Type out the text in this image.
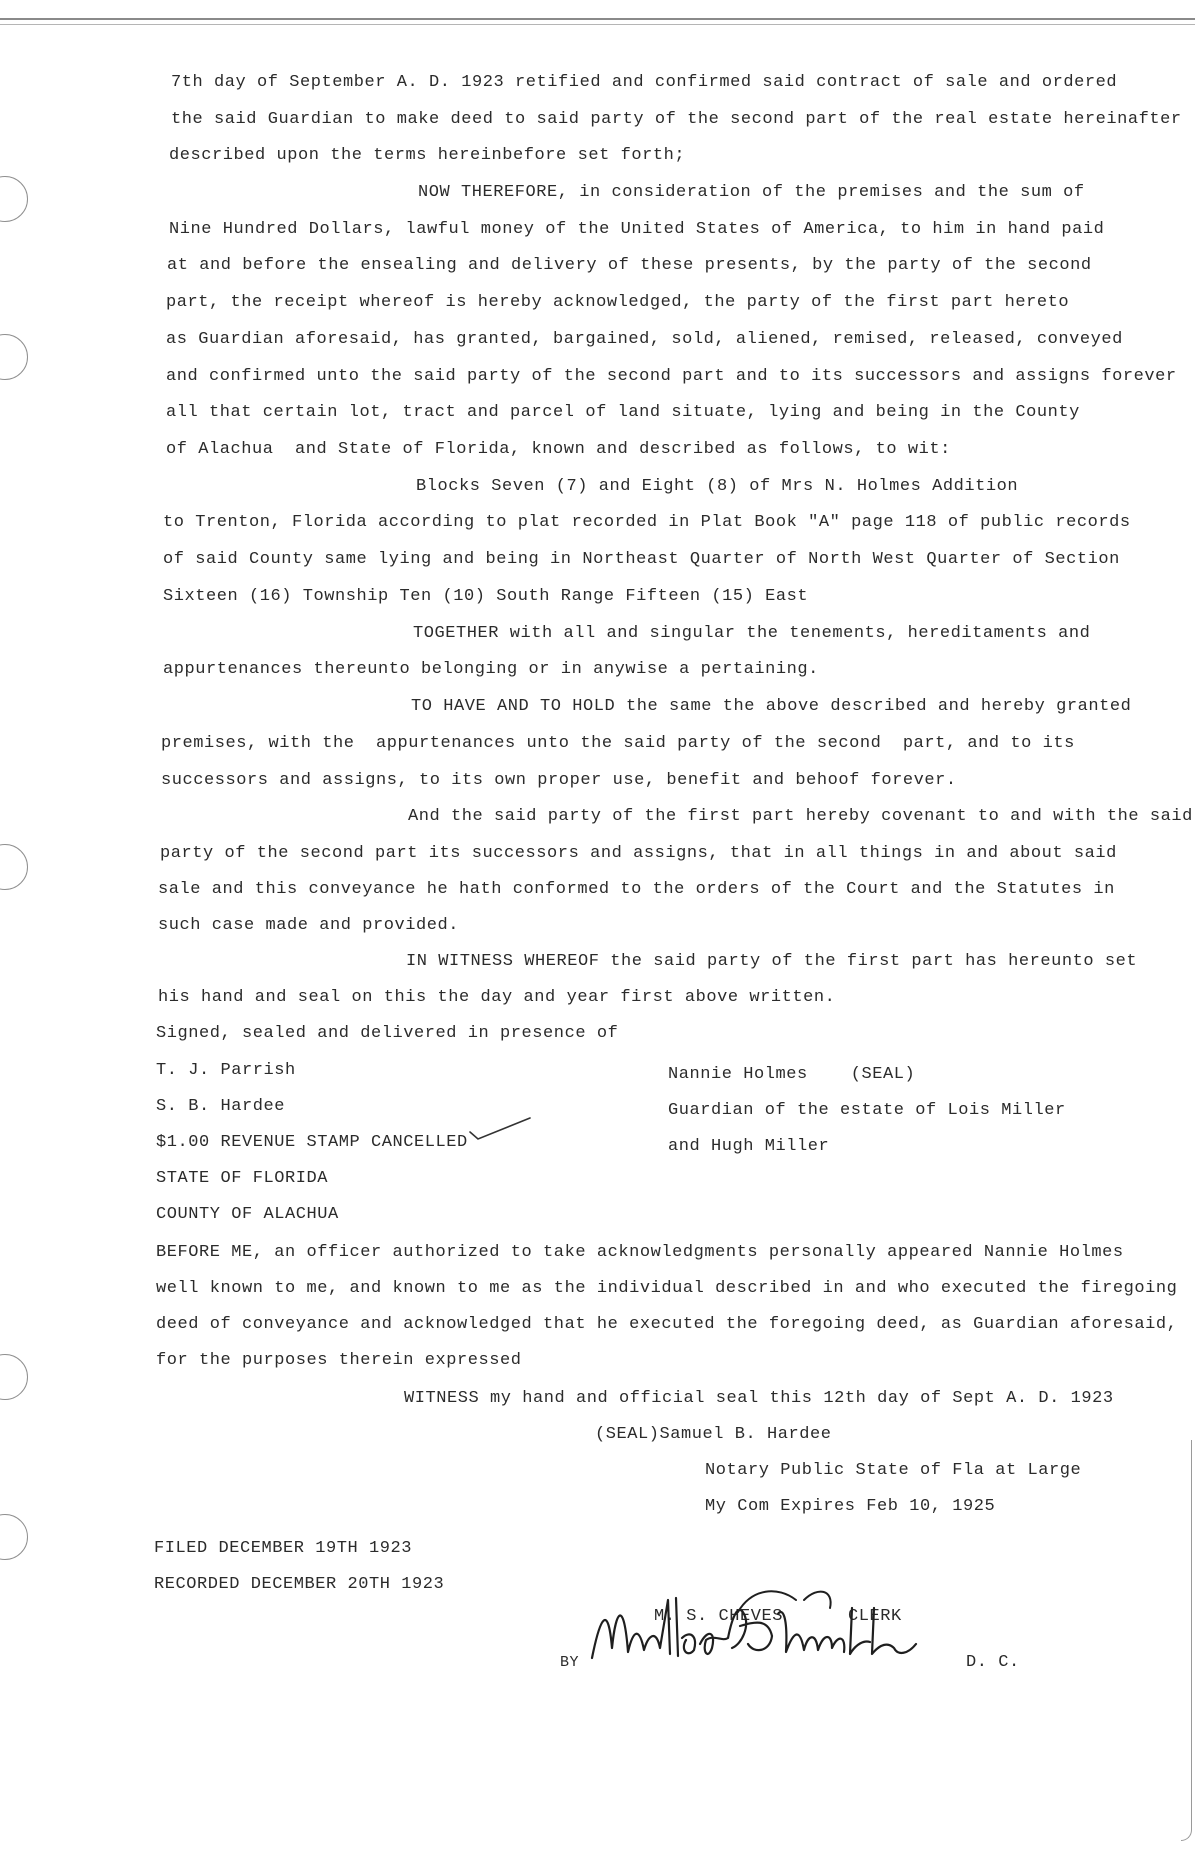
7th day of September A. D. 1923 retified and confirmed said contract of sale and ordered
the said Guardian to make deed to said party of the second part of the real estate hereinafter
described upon the terms hereinbefore set forth;
NOW THEREFORE, in consideration of the premises and the sum of
Nine Hundred Dollars, lawful money of the United States of America, to him in hand paid
at and before the ensealing and delivery of these presents, by the party of the second
part, the receipt whereof is hereby acknowledged, the party of the first part hereto
as Guardian aforesaid, has granted, bargained, sold, aliened, remised, released, conveyed
and confirmed unto the said party of the second part and to its successors and assigns forever
all that certain lot, tract and parcel of land situate, lying and being in the County
of Alachua  and State of Florida, known and described as follows, to wit:
Blocks Seven (7) and Eight (8) of Mrs N. Holmes Addition
to Trenton, Florida according to plat recorded in Plat Book "A" page 118 of public records
of said County same lying and being in Northeast Quarter of North West Quarter of Section
Sixteen (16) Township Ten (10) South Range Fifteen (15) East
TOGETHER with all and singular the tenements, hereditaments and
appurtenances thereunto belonging or in anywise a pertaining.
TO HAVE AND TO HOLD the same the above described and hereby granted
premises, with the  appurtenances unto the said party of the second  part, and to its
successors and assigns, to its own proper use, benefit and behoof forever.
And the said party of the first part hereby covenant to and with the said
party of the second part its successors and assigns, that in all things in and about said
sale and this conveyance he hath conformed to the orders of the Court and the Statutes in
such case made and provided.
IN WITNESS WHEREOF the said party of the first part has hereunto set
his hand and seal on this the day and year first above written.
Signed, sealed and delivered in presence of
T. J. Parrish
S. B. Hardee
$1.00 REVENUE STAMP CANCELLED
Nannie Holmes    (SEAL)
Guardian of the estate of Lois Miller
and Hugh Miller
STATE OF FLORIDA
COUNTY OF ALACHUA
BEFORE ME, an officer authorized to take acknowledgments personally appeared Nannie Holmes
well known to me, and known to me as the individual described in and who executed the firegoing
deed of conveyance and acknowledged that he executed the foregoing deed, as Guardian aforesaid,
for the purposes therein expressed
WITNESS my hand and official seal this 12th day of Sept A. D. 1923
(SEAL)Samuel B. Hardee
Notary Public State of Fla at Large
My Com Expires Feb 10, 1925
FILED DECEMBER 19TH 1923
RECORDED DECEMBER 20TH 1923
M. S. CHEVES	CLERK
BY	D. C.
